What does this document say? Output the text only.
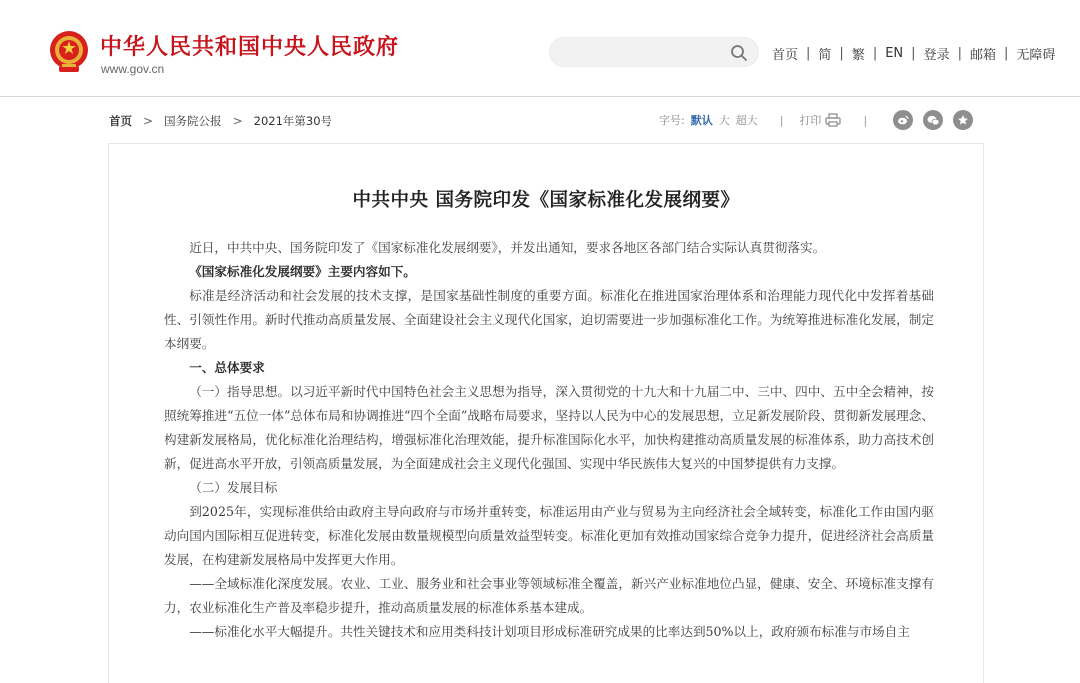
中华人民共和国中央人民政府
www.gov.cn
首页 | 简 | 繁 | EN | 登录 | 邮箱 | 无障碍
首页 > 国务院公报 > 2021年第30号	字号: 默认 大 超大 | 打印	|
中共中央 国务院印发《国家标准化发展纲要》

近日，中共中央、国务院印发了《国家标准化发展纲要》，并发出通知，要求各地区各部门结合实际认真贯彻落实。

《国家标准化发展纲要》主要内容如下。

标准是经济活动和社会发展的技术支撑，是国家基础性制度的重要方面。标准化在推进国家治理体系和治理能力现代化中发挥着基础性、引领性作用。新时代推动高质量发展、全面建设社会主义现代化国家，迫切需要进一步加强标准化工作。为统筹推进标准化发展，制定本纲要。

一、总体要求

（一）指导思想。以习近平新时代中国特色社会主义思想为指导，深入贯彻党的十九大和十九届二中、三中、四中、五中全会精神，按照统筹推进“五位一体”总体布局和协调推进“四个全面”战略布局要求，坚持以人民为中心的发展思想，立足新发展阶段、贯彻新发展理念、构建新发展格局，优化标准化治理结构，增强标准化治理效能，提升标准国际化水平，加快构建推动高质量发展的标准体系，助力高技术创新，促进高水平开放，引领高质量发展，为全面建成社会主义现代化强国、实现中华民族伟大复兴的中国梦提供有力支撑。

（二）发展目标

到2025年，实现标准供给由政府主导向政府与市场并重转变，标准运用由产业与贸易为主向经济社会全域转变，标准化工作由国内驱动向国内国际相互促进转变，标准化发展由数量规模型向质量效益型转变。标准化更加有效推动国家综合竞争力提升，促进经济社会高质量发展，在构建新发展格局中发挥更大作用。

——全域标准化深度发展。农业、工业、服务业和社会事业等领域标准全覆盖，新兴产业标准地位凸显，健康、安全、环境标准支撑有力，农业标准化生产普及率稳步提升，推动高质量发展的标准体系基本建成。

——标准化水平大幅提升。共性关键技术和应用类科技计划项目形成标准研究成果的比率达到50%以上，政府颁布标准与市场自主
